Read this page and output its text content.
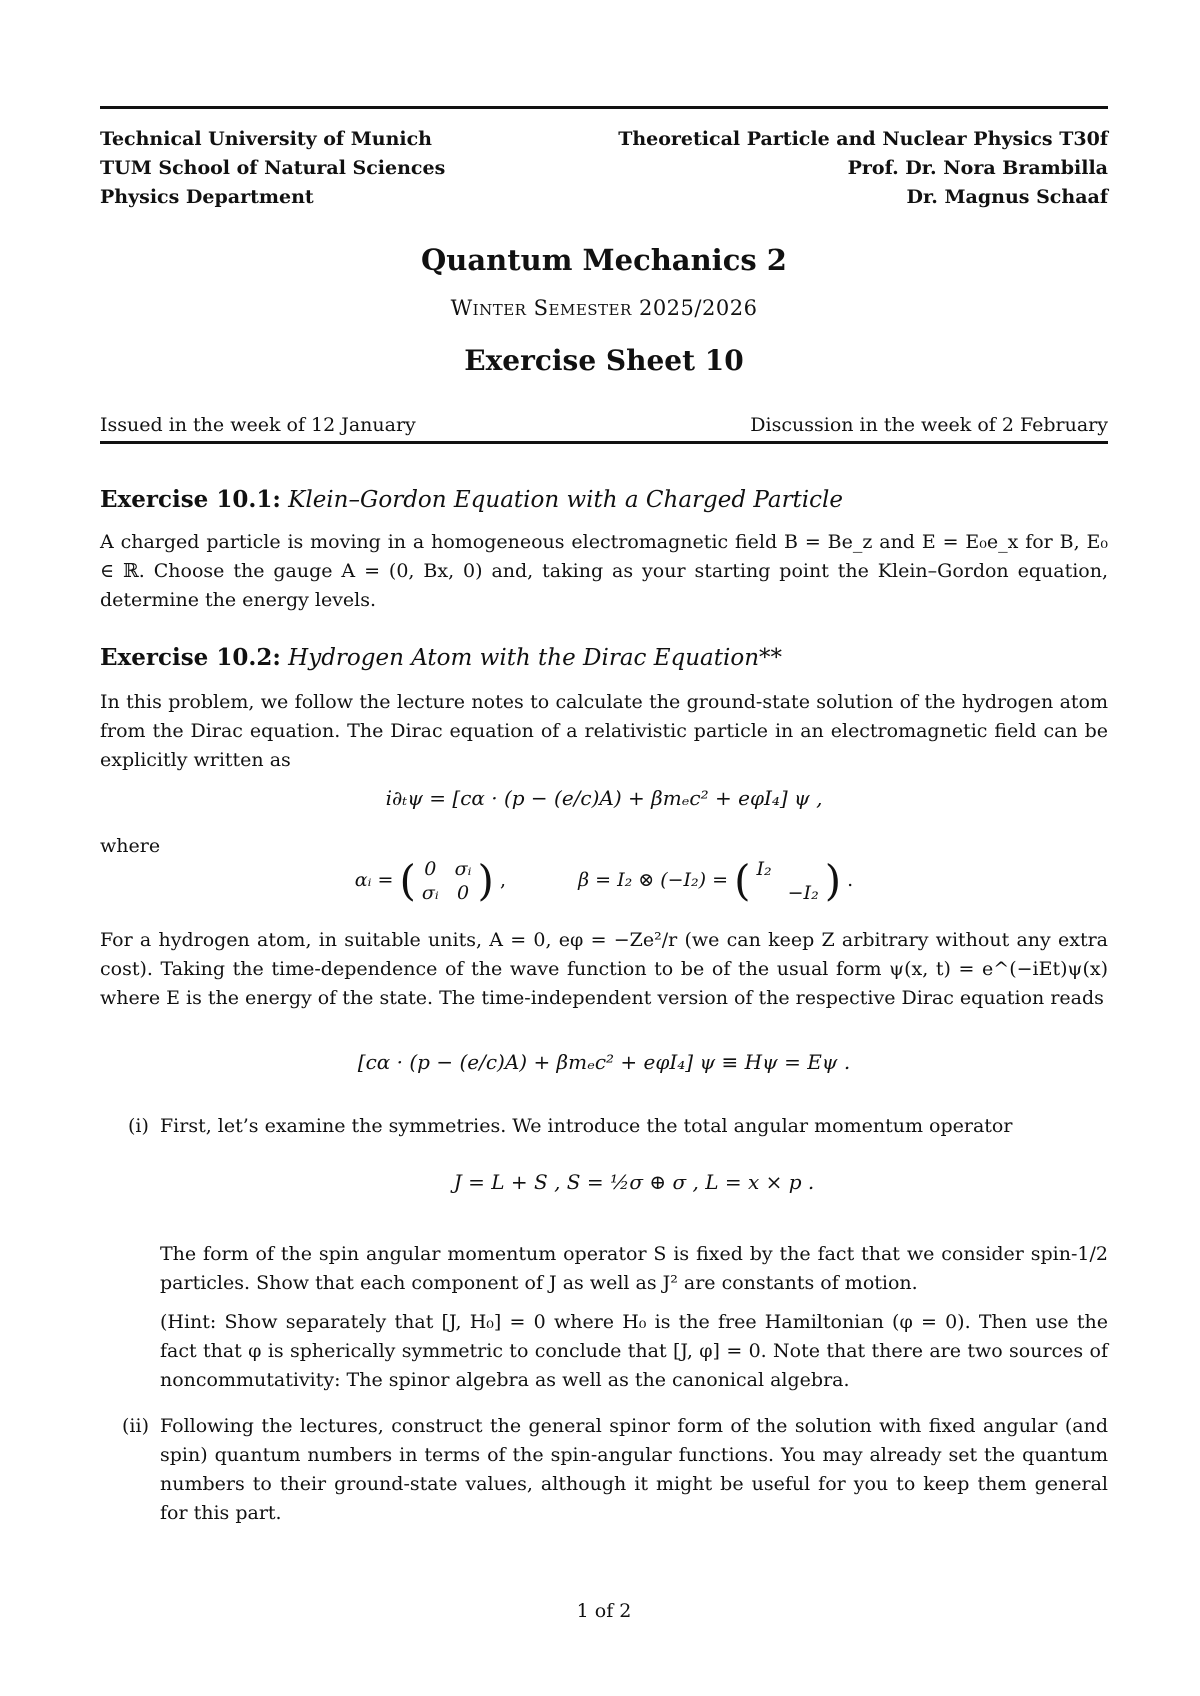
Technical University of Munich
TUM School of Natural Sciences
Physics Department
Theoretical Particle and Nuclear Physics T30f
Prof. Dr. Nora Brambilla
Dr. Magnus Schaaf
Quantum Mechanics 2
Winter Semester 2025/2026
Exercise Sheet 10
Issued in the week of 12 January	Discussion in the week of 2 February
Exercise 10.1: Klein–Gordon Equation with a Charged Particle
A charged particle is moving in a homogeneous electromagnetic field B = Be_z and E = E₀e_x for B, E₀ ∈ ℝ. Choose the gauge A = (0, Bx, 0) and, taking as your starting point the Klein–Gordon equation, determine the energy levels.
Exercise 10.2: Hydrogen Atom with the Dirac Equation**
In this problem, we follow the lecture notes to calculate the ground-state solution of the hydrogen atom from the Dirac equation. The Dirac equation of a relativistic particle in an electromagnetic field can be explicitly written as
i∂ₜψ = [cα · (p − (e/c)A) + βmₑc² + eφI₄] ψ ,
where
αᵢ = ( 0 σᵢ
σᵢ 0 ) ,	β = I₂ ⊗ (−I₂) = ( I₂
−I₂ ) .
For a hydrogen atom, in suitable units, A = 0, eφ = −Ze²/r (we can keep Z arbitrary without any extra cost). Taking the time-dependence of the wave function to be of the usual form ψ(x, t) = e^(−iEt)ψ(x) where E is the energy of the state. The time-independent version of the respective Dirac equation reads
[cα · (p − (e/c)A) + βmₑc² + eφI₄] ψ ≡ Hψ = Eψ .
(i) First, let’s examine the symmetries. We introduce the total angular momentum operator
J = L + S , S = ½σ ⊕ σ , L = x × p .
The form of the spin angular momentum operator S is fixed by the fact that we consider spin-1/2 particles. Show that each component of J as well as J² are constants of motion.
(Hint: Show separately that [J, H₀] = 0 where H₀ is the free Hamiltonian (φ = 0). Then use the fact that φ is spherically symmetric to conclude that [J, φ] = 0. Note that there are two sources of noncommutativity: The spinor algebra as well as the canonical algebra.
(ii) Following the lectures, construct the general spinor form of the solution with fixed angular (and spin) quantum numbers in terms of the spin-angular functions. You may already set the quantum numbers to their ground-state values, although it might be useful for you to keep them general for this part.
1 of 2
